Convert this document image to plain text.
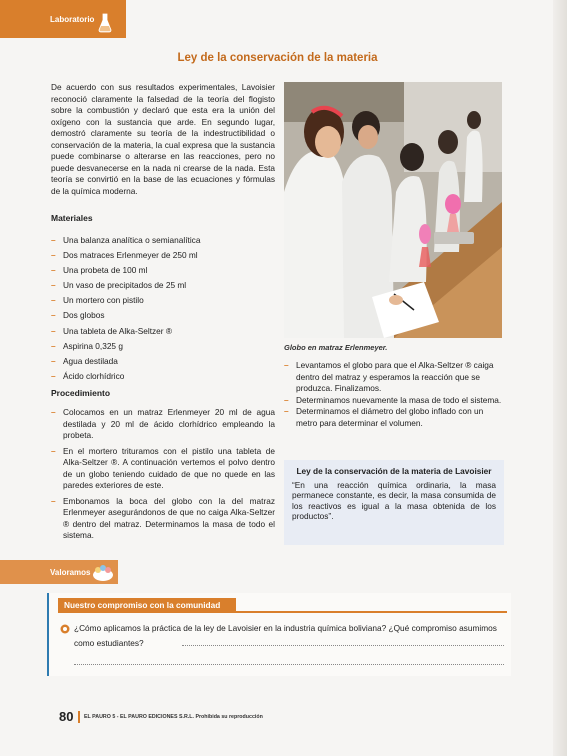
Laboratorio
Ley de la conservación de la materia

De acuerdo con sus resultados experimentales, Lavoisier reconoció claramente la falsedad de la teoría del flogisto sobre la combustión y declaró que esta era la unión del oxígeno con la sustancia que arde. En segundo lugar, demostró claramente su teoría de la indestructibilidad o conservación de la materia, la cual expresa que la sustancia puede combinarse o alterarse en las reacciones, pero no puede desvanecerse en la nada ni crearse de la nada. Esta teoría se convirtió en la base de las ecuaciones y fórmulas de la química moderna.

Materiales
– Una balanza analítica o semianalítica
– Dos matraces Erlenmeyer de 250 ml
– Una probeta de 100 ml
– Un vaso de precipitados de 25 ml
– Un mortero con pistilo
– Dos globos
– Una tableta de Alka-Seltzer ®
– Aspirina 0,325 g
– Agua destilada
– Ácido clorhídrico
Procedimiento
– Colocamos en un matraz Erlenmeyer 20 ml de agua destilada y 20 ml de ácido clorhídrico empleando la probeta.
– En el mortero trituramos con el pistilo una tableta de Alka-Seltzer ®. A continuación vertemos el polvo dentro de un globo teniendo cuidado de que no quede en las paredes exteriores de este.
– Embonamos la boca del globo con la del matraz Erlenmeyer asegurándonos de que no caiga Alka-Seltzer ® dentro del matraz. Determinamos la masa de todo el sistema.
Globo en matraz Erlenmeyer.
– Levantamos el globo para que el Alka-Seltzer ® caiga dentro del matraz y esperamos la reacción que se produzca. Finalizamos.
– Determinamos nuevamente la masa de todo el sistema.
– Determinamos el diámetro del globo inflado con un metro para determinar el volumen.
Ley de la conservación de la materia de Lavoisier
“En una reacción química ordinaria, la masa permanece constante, es decir, la masa consumida de los reactivos es igual a la masa obtenida de los productos”.
Valoramos
Nuestro compromiso con la comunidad
¿Cómo aplicamos la práctica de la ley de Lavoisier en la industria química boliviana? ¿Qué compromiso asumimos como estudiantes?
80 EL PAURO 5 - EL PAURO EDICIONES S.R.L. Prohibida su reproducción
